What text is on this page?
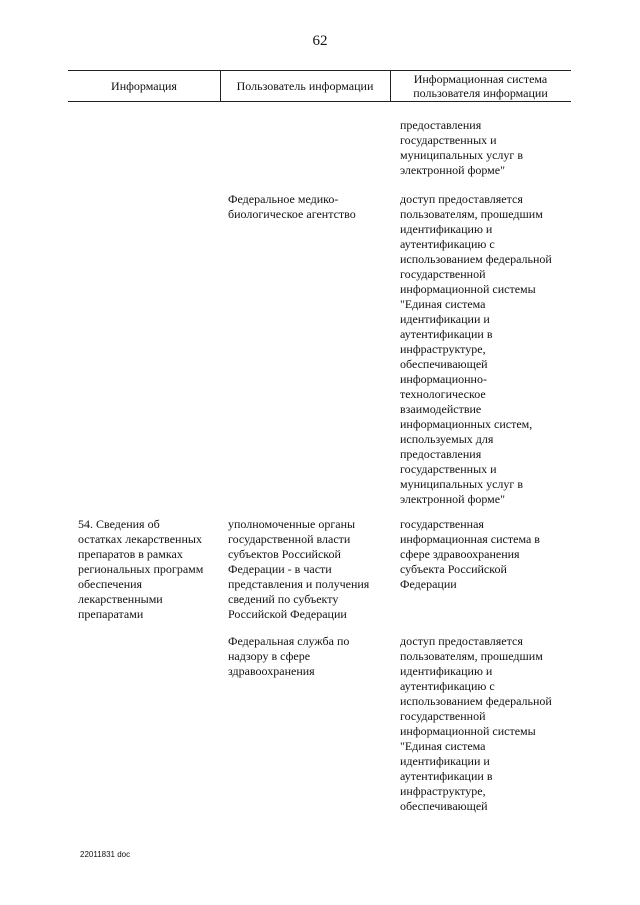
62
Информация	Пользователь информации	Информационная система
пользователя информации
предоставления
государственных и
муниципальных услуг в
электронной форме"
Федеральное медико-
биологическое агентство
доступ предоставляется
пользователям, прошедшим
идентификацию и
аутентификацию с
использованием федеральной
государственной
информационной системы
"Единая система
идентификации и
аутентификации в
инфраструктуре,
обеспечивающей
информационно-
технологическое
взаимодействие
информационных систем,
используемых для
предоставления
государственных и
муниципальных услуг в
электронной форме"
54. Сведения об
остатках лекарственных
препаратов в рамках
региональных программ
обеспечения
лекарственными
препаратами
уполномоченные органы
государственной власти
субъектов Российской
Федерации - в части
представления и получения
сведений по субъекту
Российской Федерации
государственная
информационная система в
сфере здравоохранения
субъекта Российской
Федерации
Федеральная служба по
надзору в сфере
здравоохранения
доступ предоставляется
пользователям, прошедшим
идентификацию и
аутентификацию с
использованием федеральной
государственной
информационной системы
"Единая система
идентификации и
аутентификации в
инфраструктуре,
обеспечивающей
22011831 doc
